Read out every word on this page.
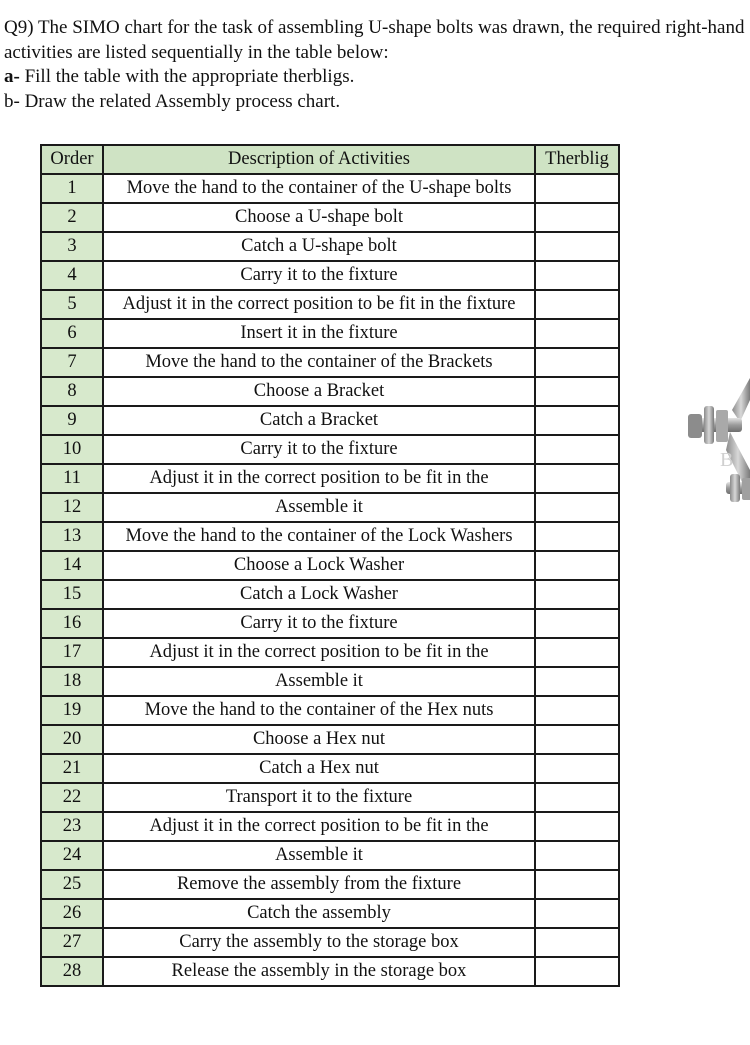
Q9) The SIMO chart for the task of assembling U-shape bolts was drawn, the required right-hand
activities are listed sequentially in the table below:
a- Fill the table with the appropriate therbligs.
b- Draw the related Assembly process chart.
Order	Description of Activities	Therblig
1	Move the hand to the container of the U-shape bolts	
2	Choose a U-shape bolt	
3	Catch a U-shape bolt	
4	Carry it to the fixture	
5	Adjust it in the correct position to be fit in the fixture	
6	Insert it in the fixture	
7	Move the hand to the container of the Brackets	
8	Choose a Bracket	
9	Catch a Bracket	
10	Carry it to the fixture	
11	Adjust it in the correct position to be fit in the	
12	Assemble it	
13	Move the hand to the container of the Lock Washers	
14	Choose a Lock Washer	
15	Catch a Lock Washer	
16	Carry it to the fixture	
17	Adjust it in the correct position to be fit in the	
18	Assemble it	
19	Move the hand to the container of the Hex nuts	
20	Choose a Hex nut	
21	Catch a Hex nut	
22	Transport it to the fixture	
23	Adjust it in the correct position to be fit in the	
24	Assemble it	
25	Remove the assembly from the fixture	
26	Catch the assembly	
27	Carry the assembly to the storage box	
28	Release the assembly in the storage box	
B
